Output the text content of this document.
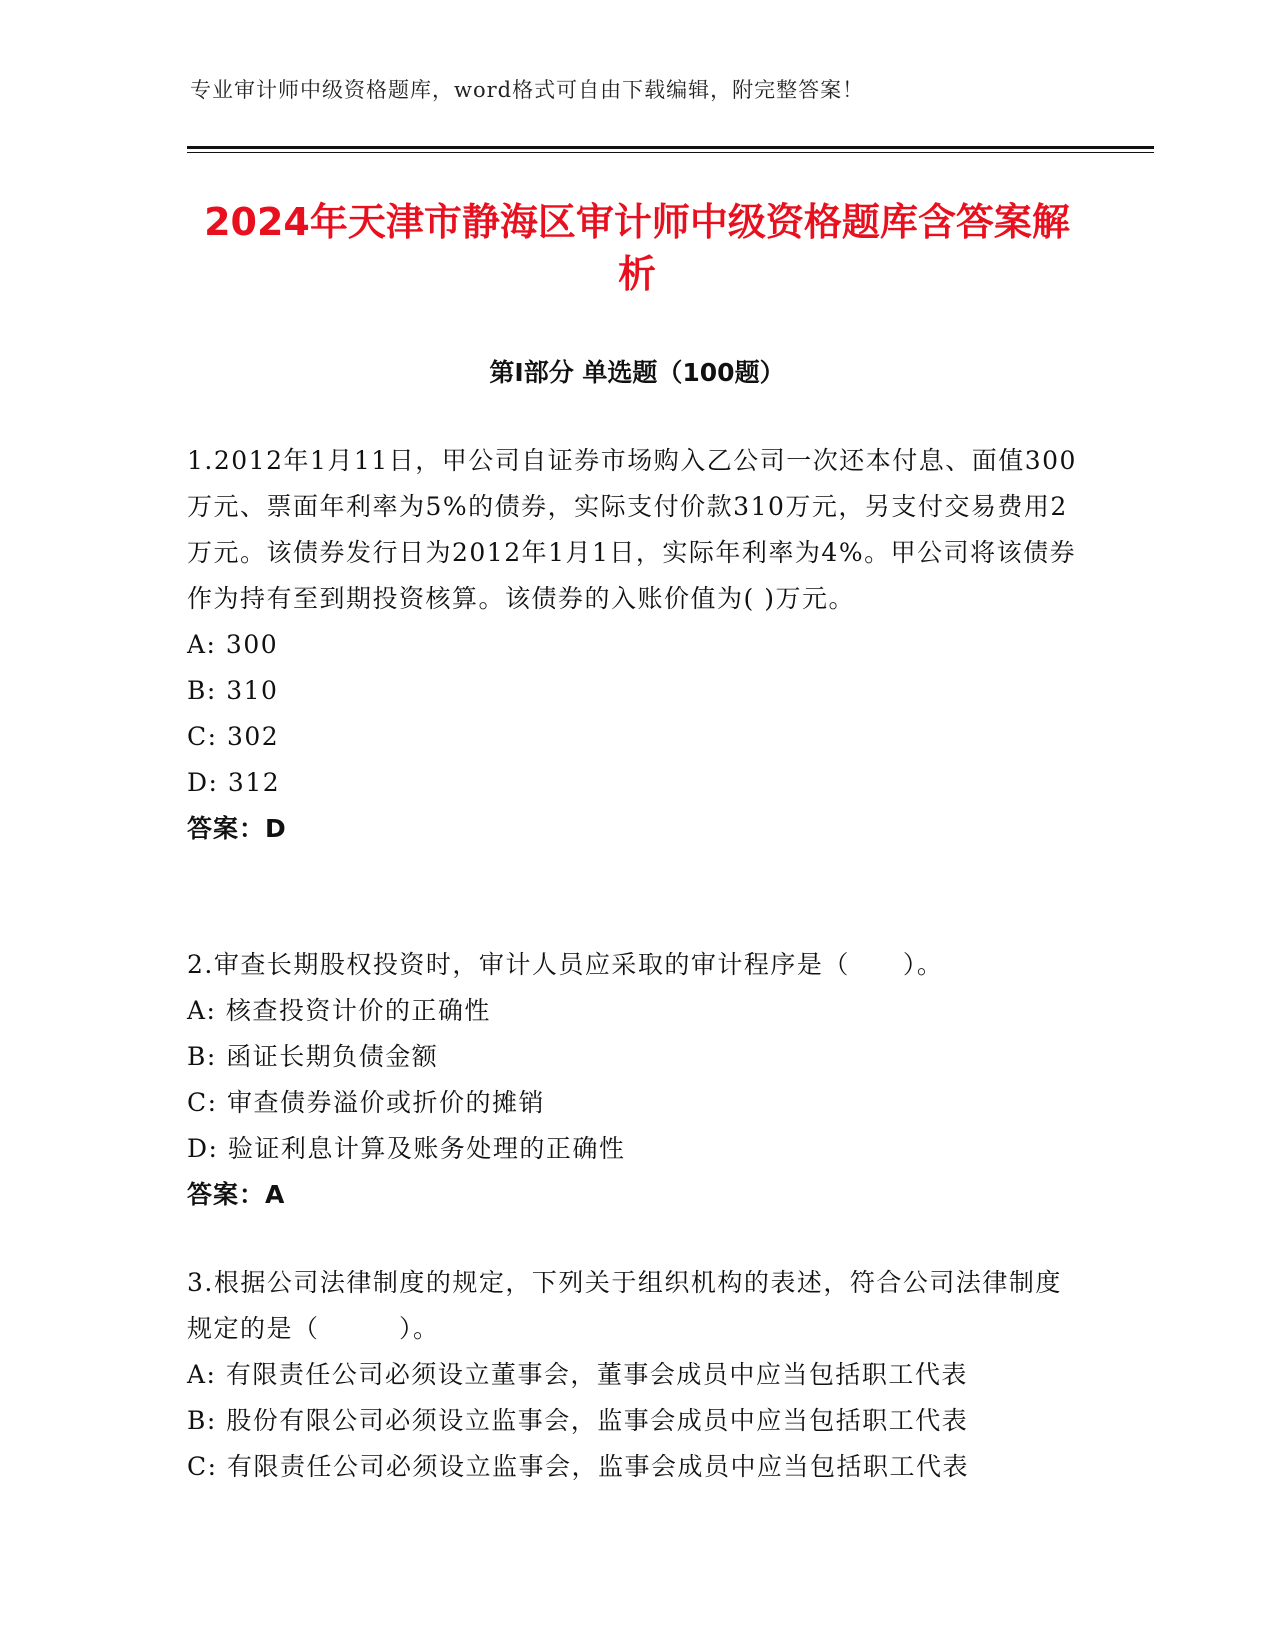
专业审计师中级资格题库，word格式可自由下载编辑，附完整答案！
2024年天津市静海区审计师中级资格题库含答案解析
第I部分 单选题（100题）

1.2012年1月11日，甲公司自证券市场购入乙公司一次还本付息、面值300万元、票面年利率为5%的债券，实际支付价款310万元，另支付交易费用2万元。该债券发行日为2012年1月1日，实际年利率为4%。甲公司将该债券作为持有至到期投资核算。该债券的入账价值为( )万元。

A: 300

B: 310

C: 302

D: 312

答案：D

2.审查长期股权投资时，审计人员应采取的审计程序是（　　）。

A: 核查投资计价的正确性

B: 函证长期负债金额

C: 审查债券溢价或折价的摊销

D: 验证利息计算及账务处理的正确性

答案：A

3.根据公司法律制度的规定，下列关于组织机构的表述，符合公司法律制度规定的是（　　　）。

A: 有限责任公司必须设立董事会，董事会成员中应当包括职工代表

B: 股份有限公司必须设立监事会，监事会成员中应当包括职工代表

C: 有限责任公司必须设立监事会，监事会成员中应当包括职工代表
